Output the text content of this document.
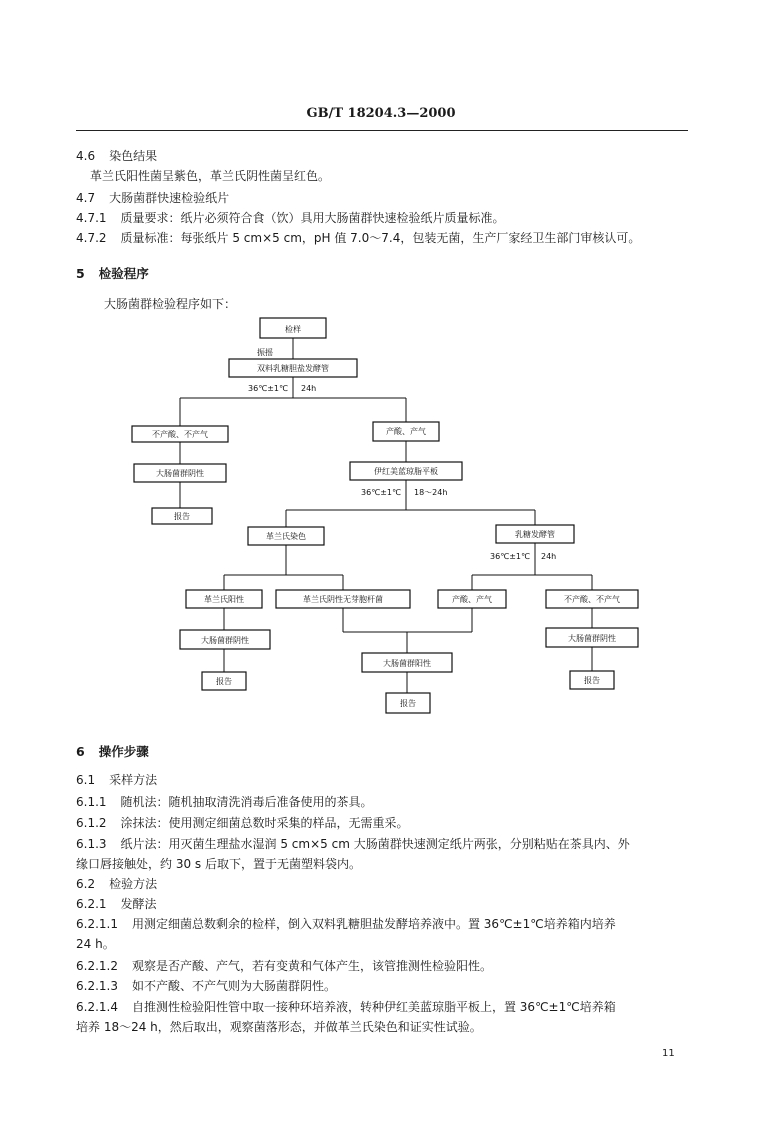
GB/T 18204.3—2000
4.6 染色结果
革兰氏阳性菌呈紫色，革兰氏阴性菌呈红色。
4.7 大肠菌群快速检验纸片
4.7.1 质量要求：纸片必须符合食（饮）具用大肠菌群快速检验纸片质量标准。
4.7.2 质量标准：每张纸片 5 cm×5 cm，pH 值 7.0～7.4，包装无菌，生产厂家经卫生部门审核认可。
5 检验程序
大肠菌群检验程序如下：
检样
双料乳糖胆盐发酵管
不产酸、不产气	产酸、产气
大肠菌群阴性	伊红美蓝琼脂平板
报告
革兰氏染色	乳糖发酵管
革兰氏阳性	革兰氏阴性无芽胞杆菌	产酸、产气	不产酸、不产气
大肠菌群阴性	大肠菌群阴性
大肠菌群阳性
报告	报告
报告
振摇
36℃±1℃ 24h
36℃±1℃ 18～24h
36℃±1℃ 24h
6 操作步骤
6.1 采样方法
6.1.1 随机法：随机抽取清洗消毒后准备使用的茶具。
6.1.2 涂抹法：使用测定细菌总数时采集的样品，无需重采。
6.1.3 纸片法：用灭菌生理盐水湿润 5 cm×5 cm 大肠菌群快速测定纸片两张，分别粘贴在茶具内、外
缘口唇接触处，约 30 s 后取下，置于无菌塑料袋内。
6.2 检验方法
6.2.1 发酵法
6.2.1.1 用测定细菌总数剩余的检样，倒入双料乳糖胆盐发酵培养液中。置 36℃±1℃培养箱内培养
24 h。
6.2.1.2 观察是否产酸、产气，若有变黄和气体产生，该管推测性检验阳性。
6.2.1.3 如不产酸、不产气则为大肠菌群阴性。
6.2.1.4 自推测性检验阳性管中取一接种环培养液，转种伊红美蓝琼脂平板上，置 36℃±1℃培养箱
培养 18～24 h，然后取出，观察菌落形态，并做革兰氏染色和证实性试验。
11
